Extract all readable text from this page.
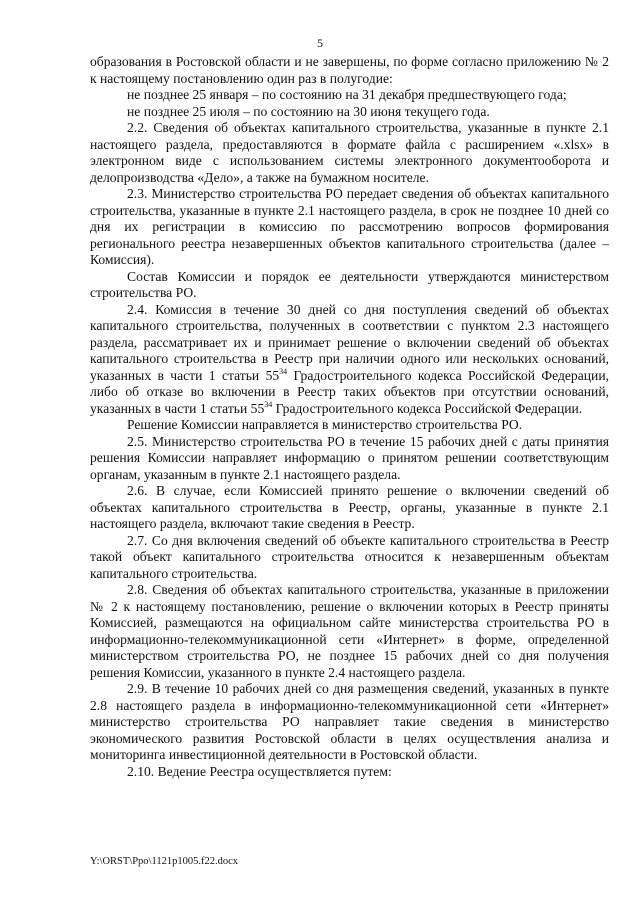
5

образования в Ростовской области и не завершены, по форме согласно приложению № 2 к настоящему постановлению один раз в полугодие:

не позднее 25 января – по состоянию на 31 декабря предшествующего года;

не позднее 25 июля – по состоянию на 30 июня текущего года.

2.2. Сведения об объектах капитального строительства, указанные в пункте 2.1 настоящего раздела, предоставляются в формате файла с расширением «.xlsx» в электронном виде с использованием системы электронного документооборота и делопроизводства «Дело», а также на бумажном носителе.

2.3. Министерство строительства РО передает сведения об объектах капитального строительства, указанные в пункте 2.1 настоящего раздела, в срок не позднее 10 дней со дня их регистрации в комиссию по рассмотрению вопросов формирования регионального реестра незавершенных объектов капитального строительства (далее – Комиссия).

Состав Комиссии и порядок ее деятельности утверждаются министерством строительства РО.

2.4. Комиссия в течение 30 дней со дня поступления сведений об объектах капитального строительства, полученных в соответствии с пунктом 2.3 настоящего раздела, рассматривает их и принимает решение о включении сведений об объектах капитального строительства в Реестр при наличии одного или нескольких оснований, указанных в части 1 статьи $55^{34}$ Градостроительного кодекса Российской Федерации, либо об отказе во включении в Реестр таких объектов при отсутствии оснований, указанных в части 1 статьи $55^{34}$ Градостроительного кодекса Российской Федерации.

Решение Комиссии направляется в министерство строительства РО.

2.5. Министерство строительства РО в течение 15 рабочих дней с даты принятия решения Комиссии направляет информацию о принятом решении соответствующим органам, указанным в пункте 2.1 настоящего раздела.

2.6. В случае, если Комиссией принято решение о включении сведений об объектах капитального строительства в Реестр, органы, указанные в пункте 2.1 настоящего раздела, включают такие сведения в Реестр.

2.7. Со дня включения сведений об объекте капитального строительства в Реестр такой объект капитального строительства относится к незавершенным объектам капитального строительства.

2.8. Сведения об объектах капитального строительства, указанные в приложении № 2 к настоящему постановлению, решение о включении которых в Реестр приняты Комиссией, размещаются на официальном сайте министерства строительства РО в информационно-телекоммуникационной сети «Интернет» в форме, определенной министерством строительства РО, не позднее 15 рабочих дней со дня получения решения Комиссии, указанного в пункте 2.4 настоящего раздела.

2.9. В течение 10 рабочих дней со дня размещения сведений, указанных в пункте 2.8 настоящего раздела в информационно-телекоммуникационной сети «Интернет» министерство строительства РО направляет такие сведения в министерство экономического развития Ростовской области в целях осуществления анализа и мониторинга инвестиционной деятельности в Ростовской области.

2.10. Ведение Реестра осуществляется путем:

Y:\ORST\Ppo\1121p1005.f22.docx
